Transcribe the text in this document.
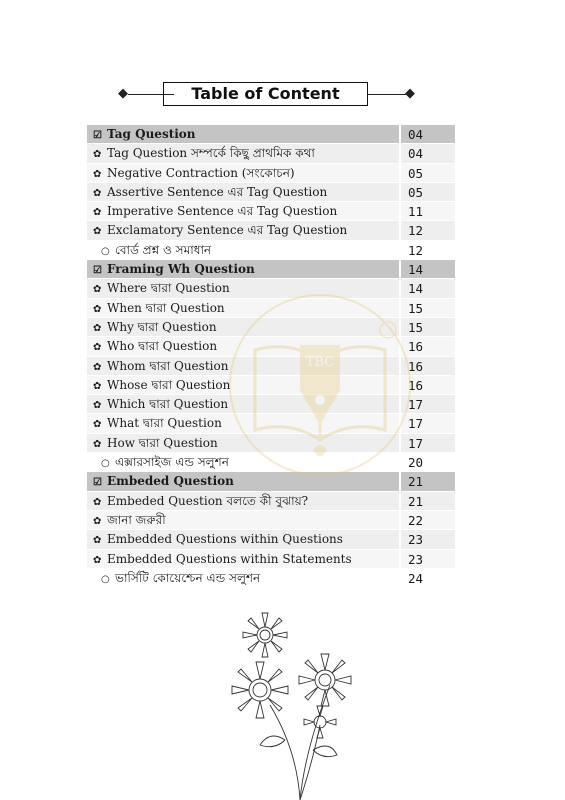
◆	Table of Content	◆
☑ Tag Question	04
✿ Tag Question সম্পর্কে কিছু প্রাথমিক কথা	04
✿ Negative Contraction (সংকোচন)	05
✿ Assertive Sentence এর Tag Question	05
✿ Imperative Sentence এর Tag Question	11
✿ Exclamatory Sentence এর Tag Question	12
○ বোর্ড প্রশ্ন ও সমাধান	12
☑ Framing Wh Question	14
✿ Where দ্বারা Question	14
✿ When দ্বারা Question	15
✿ Why দ্বারা Question	15
✿ Who দ্বারা Question	16
✿ Whom দ্বারা Question	16
✿ Whose দ্বারা Question	16
✿ Which দ্বারা Question	17
✿ What দ্বারা Question	17
✿ How দ্বারা Question	17
○ এক্সারসাইজ এন্ড সলুশন	20
☑ Embeded Question	21
✿ Embeded Question বলতে কী বুঝায়?	21
✿ জানা জরুরী	22
✿ Embedded Questions within Questions	23
✿ Embedded Questions within Statements	23
○ ভার্সিটি কোয়েশ্চেন এন্ড সলুশন	24
TBC
